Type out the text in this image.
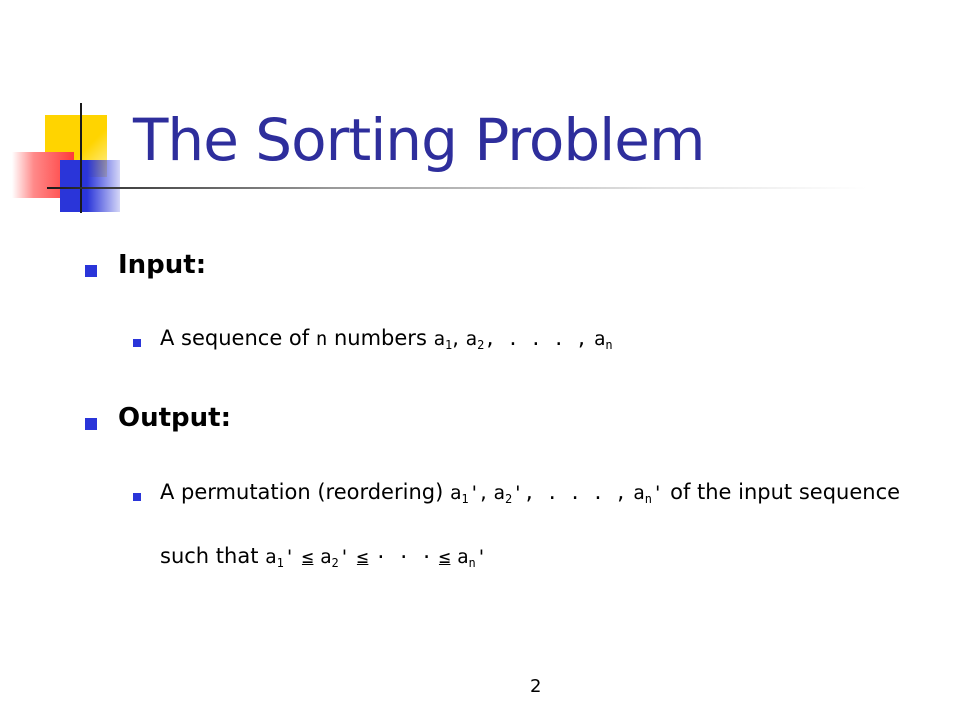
The Sorting Problem
Input:
A sequence of n numbers $a_1$, $a_2$, . . . , $a_n$
Output:
A permutation (reordering) $a_1'$, $a_2'$, . . . , $a_n'$ of the input sequence
such that $a_1' \le a_2'$ ≤ · · · ≤ $a_n'$
2
